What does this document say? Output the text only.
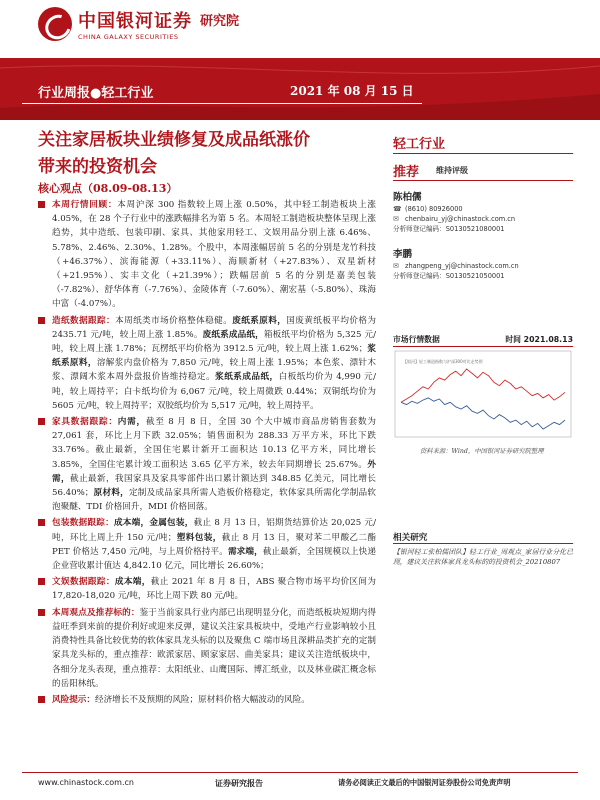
中国银河证券
CHINA GALAXY SECURITIES
研究院
行业周报●轻工行业	2021 年 08 月 15 日
关注家居板块业绩修复及成品纸涨价
带来的投资机会
核心观点（08.09-08.13）
本周行情回顾：本周沪深 300 指数较上周上涨 0.50%，其中轻工制造板块上涨 4.05%，在 28 个子行业中的涨跌幅排名为第 5 名。本周轻工制造板块整体呈现上涨趋势，其中造纸、包装印刷、家具、其他家用轻工、文娱用品分别上涨 6.46%、5.78%、2.46%、2.30%、1.28%。个股中，本周涨幅居前 5 名的分别是龙竹科技（+46.37%）、滨海能源（+33.11%）、海顺新材（+27.83%）、双星新材（+21.95%）、实丰文化（+21.39%）；跌幅居前 5 名的分别是嘉美包装（-7.82%）、舒华体育（-7.76%）、金陵体育（-7.60%）、潮宏基（-5.80%）、珠海中富（-4.07%）。
造纸数据跟踪：本周纸类市场价格整体稳健。废纸系原料，国废黄纸板平均价格为 2435.71 元/吨，较上周上涨 1.85%。废纸系成品纸，箱板纸平均价格为 5,325 元/吨，较上周上涨 1.78%；瓦楞纸平均价格为 3912.5 元/吨，较上周上涨 1.62%；浆纸系原料，溶解浆内盘价格为 7,850 元/吨，较上周上涨 1.95%；本色浆、漂针木浆、漂阔木浆本周外盘报价皆维持稳定。浆纸系成品纸，白板纸均价为 4,990 元/吨，较上周持平；白卡纸均价为 6,067 元/吨，较上周微跌 0.44%；双铜纸均价为 5605 元/吨，较上周持平；双胶纸均价为 5,517 元/吨，较上周持平。
家具数据跟踪：内需，截至 8 月 8 日，全国 30 个大中城市商品房销售套数为 27,061 套，环比上月下跌 32.05%；销售面积为 288.33 万平方米，环比下跌 33.76%。截止最新，全国住宅累计新开工面积达 10.13 亿平方米，同比增长 3.85%，全国住宅累计竣工面积达 3.65 亿平方米，较去年同期增长 25.67%。外需，截止最新，我国家具及家具零部件出口累计额达到 348.85 亿美元，同比增长 56.40%；原材料，定制及成品家具所需人造板价格稳定，软体家具所需化学制品软泡聚醚、TDI 价格回升，MDI 价格回落。
包装数据跟踪：成本端，金属包装，截止 8 月 13 日，铝期货结算价达 20,025 元/吨，环比上周上升 150 元/吨；塑料包装，截止 8 月 13 日，聚对苯二甲酸乙二酯 PET 价格达 7,450 元/吨，与上周价格持平。需求端，截止最新，全国规模以上快递企业营收累计值达 4,842.10 亿元，同比增长 26.60%；
文娱数据跟踪：成本端，截止 2021 年 8 月 8 日，ABS 聚合物市场平均价区间为 17,820-18,020 元/吨，环比上周下跌 80 元/吨。
本周观点及推荐标的：鉴于当前家具行业内部已出现明显分化，而造纸板块短期内得益旺季到来前的提价利好或迎来反弹，建议关注家具板块中，受地产行业影响较小且消费特性具备比较优势的软体家具龙头标的以及聚焦 C 端市场且深耕品类扩充的定制家具龙头标的，重点推荐：欧派家居、顾家家居、曲美家具；建议关注造纸板块中，各细分龙头表现，重点推荐：太阳纸业、山鹰国际、博汇纸业，以及林业碳汇概念标的岳阳林纸。
风险提示：经济增长不及预期的风险；原材料价格大幅波动的风险。
轻工行业
推荐 维持评级
陈柏儒
☎ (8610) 80926000
✉ chenbairu_yj@chinastock.com.cn
分析师登记编码：S0130521080001
李鹏
✉ zhangpeng_yj@chinastock.com.cn
分析师登记编码：S0130521050001
市场行情数据	时间 2021.08.13
【银河】轻工制造指数与沪深300对比走势图
资料来源：Wind，中国银河证券研究院整理
相关研究
【银河轻工张柏儒团队】轻工行业_周观点_家居行业分化已现，建议关注软体家具龙头标的的投资机会_20210807
www.chinastock.com.cn	证券研究报告	请务必阅读正文最后的中国银河证券股份公司免责声明
